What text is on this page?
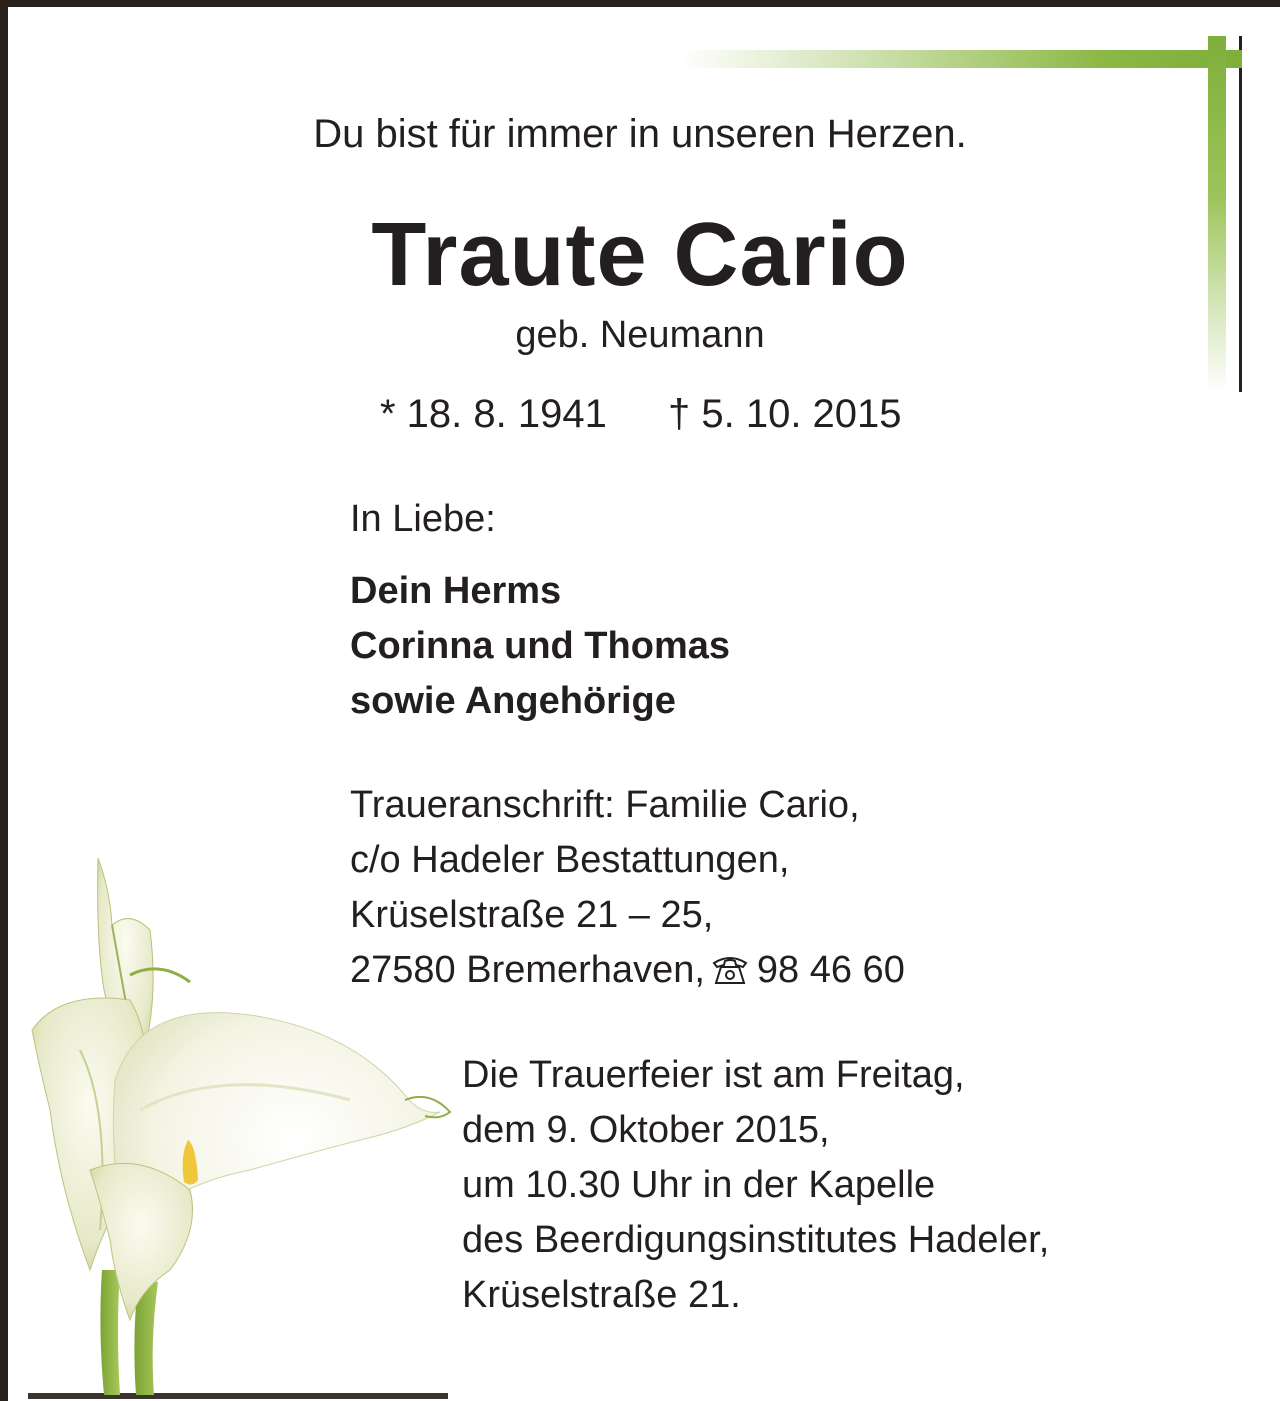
Du bist für immer in unseren Herzen.
Traute Cario
geb. Neumann
* 18. 8. 1941 † 5. 10. 2015
In Liebe:
Dein Herms
Corinna und Thomas
sowie Angehörige
Traueranschrift: Familie Cario,
c/o Hadeler Bestattungen,
Krüselstraße 21 – 25,
27580 Bremerhaven, 98 46 60
Die Trauerfeier ist am Freitag,
dem 9. Oktober 2015,
um 10.30 Uhr in der Kapelle
des Beerdigungsinstitutes Hadeler,
Krüselstraße 21.
